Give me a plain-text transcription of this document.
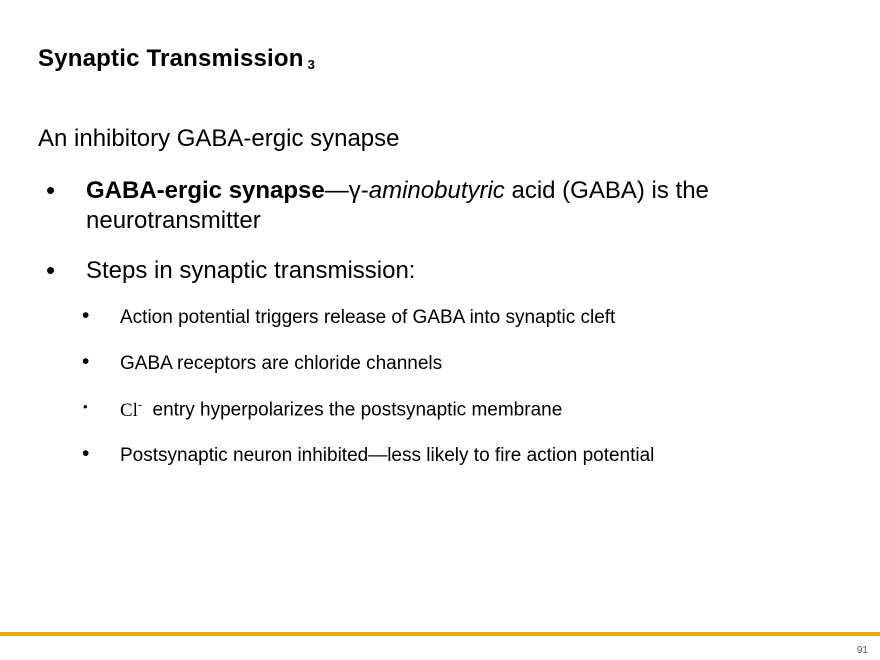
Synaptic Transmission 3

An inhibitory GABA-ergic synapse

• GABA-ergic synapse—γ-aminobutyric acid (GABA) is the neurotransmitter
• Steps in synaptic transmission:
• Action potential triggers release of GABA into synaptic cleft
• GABA receptors are chloride channels
• Cl- entry hyperpolarizes the postsynaptic membrane
• Postsynaptic neuron inhibited—less likely to fire action potential
91
